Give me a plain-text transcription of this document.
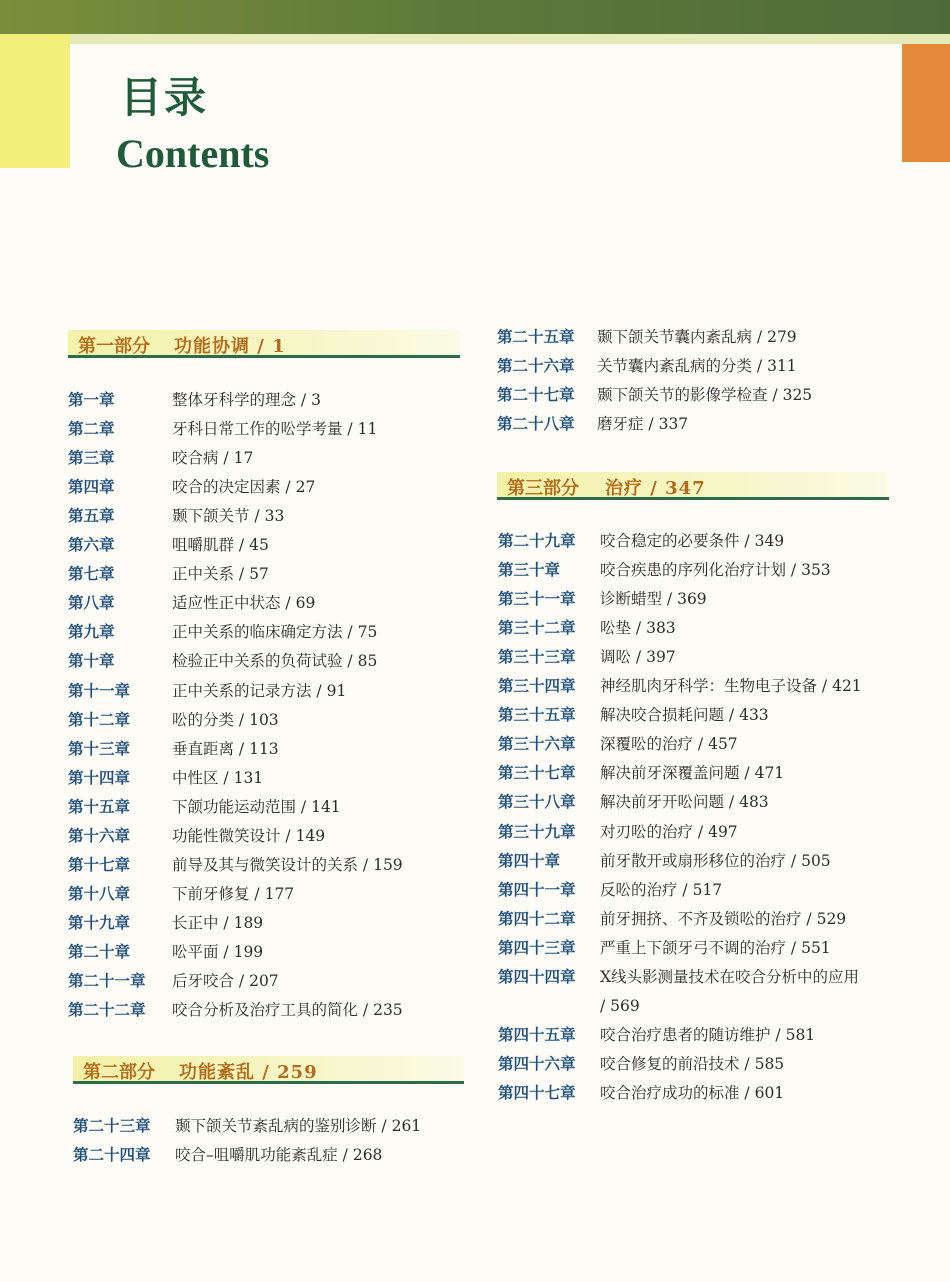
目录
Contents
第一部分 功能协调 / 1
第一章	整体牙科学的理念 / 3
第二章	牙科日常工作的㕬学考量 / 11
第三章	咬合病 / 17
第四章	咬合的决定因素 / 27
第五章	颞下颌关节 / 33
第六章	咀嚼肌群 / 45
第七章	正中关系 / 57
第八章	适应性正中状态 / 69
第九章	正中关系的临床确定方法 / 75
第十章	检验正中关系的负荷试验 / 85
第十一章	正中关系的记录方法 / 91
第十二章	㕬的分类 / 103
第十三章	垂直距离 / 113
第十四章	中性区 / 131
第十五章	下颌功能运动范围 / 141
第十六章	功能性微笑设计 / 149
第十七章	前导及其与微笑设计的关系 / 159
第十八章	下前牙修复 / 177
第十九章	长正中 / 189
第二十章	㕬平面 / 199
第二十一章 后牙咬合 / 207
第二十二章 咬合分析及治疗工具的简化 / 235
第二部分 功能紊乱 / 259
第二十三章 颞下颌关节紊乱病的鉴别诊断 / 261
第二十四章 咬合–咀嚼肌功能紊乱症 / 268
第二十五章 颞下颌关节囊内紊乱病 / 279
第二十六章 关节囊内紊乱病的分类 / 311
第二十七章 颞下颌关节的影像学检查 / 325
第二十八章 磨牙症 / 337
第三部分 治疗 / 347
第二十九章 咬合稳定的必要条件 / 349
第三十章	咬合疾患的序列化治疗计划 / 353
第三十一章 诊断蜡型 / 369
第三十二章 㕬垫 / 383
第三十三章 调㕬 / 397
第三十四章 神经肌肉牙科学：生物电子设备 / 421
第三十五章 解决咬合损耗问题 / 433
第三十六章 深覆㕬的治疗 / 457
第三十七章 解决前牙深覆盖问题 / 471
第三十八章 解决前牙开㕬问题 / 483
第三十九章 对刃㕬的治疗 / 497
第四十章	前牙散开或扇形移位的治疗 / 505
第四十一章 反㕬的治疗 / 517
第四十二章 前牙拥挤、不齐及锁㕬的治疗 / 529
第四十三章 严重上下颌牙弓不调的治疗 / 551
第四十四章 X线头影测量技术在咬合分析中的应用
/ 569
第四十五章 咬合治疗患者的随访维护 / 581
第四十六章 咬合修复的前沿技术 / 585
第四十七章 咬合治疗成功的标准 / 601
